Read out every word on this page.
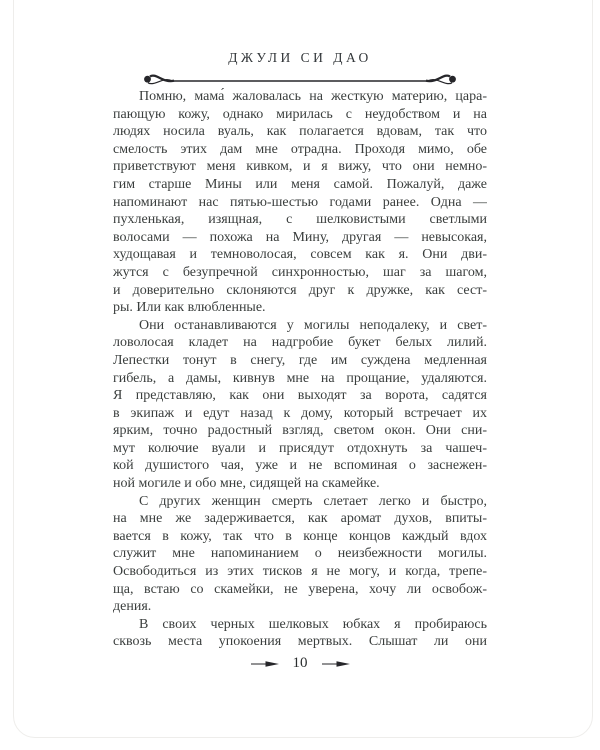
ДЖУЛИ СИ ДАО
Помню, мама́ жаловалась на жесткую материю, цара-
пающую кожу, однако мирилась с неудобством и на
людях носила вуаль, как полагается вдовам, так что
смелость этих дам мне отрадна. Проходя мимо, обе
приветствуют меня кивком, и я вижу, что они немно-
гим старше Мины или меня самой. Пожалуй, даже
напоминают нас пятью-шестью годами ранее. Одна —
пухленькая, изящная, с шелковистыми светлыми
волосами — похожа на Мину, другая — невысокая,
худощавая и темноволосая, совсем как я. Они дви-
жутся с безупречной синхронностью, шаг за шагом,
и доверительно склоняются друг к дружке, как сест-
ры. Или как влюбленные.
Они останавливаются у могилы неподалеку, и свет-
ловолосая кладет на надгробие букет белых лилий.
Лепестки тонут в снегу, где им суждена медленная
гибель, а дамы, кивнув мне на прощание, удаляются.
Я представляю, как они выходят за ворота, садятся
в экипаж и едут назад к дому, который встречает их
ярким, точно радостный взгляд, светом окон. Они сни-
мут колючие вуали и присядут отдохнуть за чашеч-
кой душистого чая, уже и не вспоминая о заснежен-
ной могиле и обо мне, сидящей на скамейке.
С других женщин смерть слетает легко и быстро,
на мне же задерживается, как аромат духов, впиты-
вается в кожу, так что в конце концов каждый вдох
служит мне напоминанием о неизбежности могилы.
Освободиться из этих тисков я не могу, и когда, трепе-
ща, встаю со скамейки, не уверена, хочу ли освобож-
дения.
В своих черных шелковых юбках я пробираюсь
сквозь места упокоения мертвых. Слышат ли они
10
